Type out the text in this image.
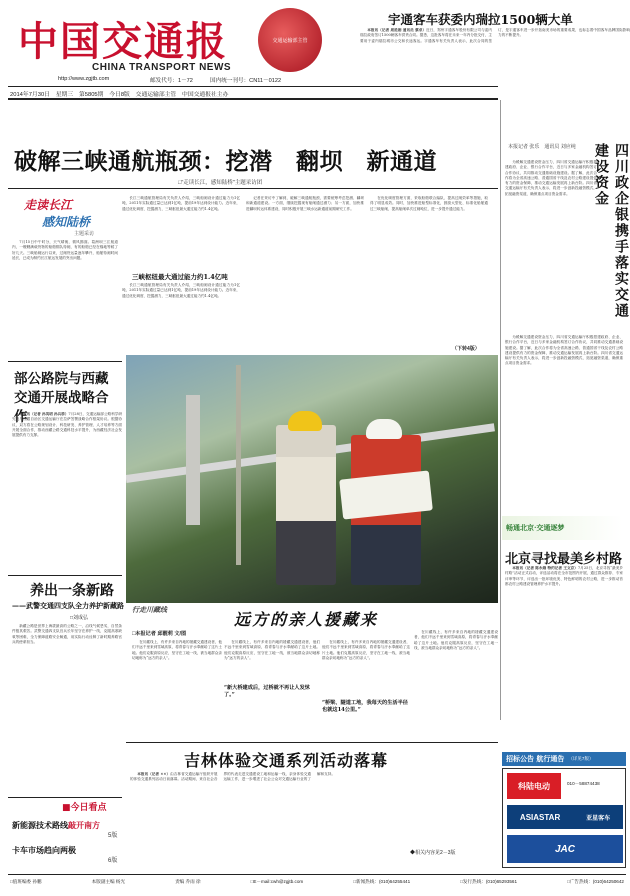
中国交通报
CHINA TRANSPORT NEWS
http://www.zgjtb.com	邮发代号：1－72	国内统一刊号：CN11－0122
交通运输部主管
2014年7月30日　星期三　第5805期　今日8版　交通运输部主管　中国交通报社主办
宇通客车获委内瑞拉1500辆大单

本报讯（记者 周延娟 通讯员 蔡卓）近日，郑州宇通客车股份有限公司与委内瑞拉政府签订1500辆客车供货合同。据悉，这批客车将在未来一年内分批交付，主要用于委内瑞拉城市公交和长途客运。宇通客车有关负责人表示，此次合同的签订，是宇通客车进一步开拓南美市场的重要成果，也标志着中国客车品牌国际影响力的不断提升。

破解三峡通航瓶颈：挖潜　翻坝　新通道
□"走读长江，感知陆桥"主题采访团
走读长江
感知陆桥
主题采访

7月15日中午时分，天气晴朗，微风拂面。葛洲坝三江航道内，一艘艘满载货物的船舶排队待闸，有的船舶已经在锚地等候了好几天。三峡船闸运行以来，过闸货运量逐年攀升，船舶待闸时间延长，已成为制约长江航运发展的突出问题。

长江三峡通航管理局有关负责人介绍，三峡船闸设计通过能力为1亿吨，2011年实际通过量已达到1亿吨，提前19年达到设计能力。近年来，通过优化调度、挖掘潜力，三峡枢纽最大通过能力约1.4亿吨。

三峡枢纽最大通过能力约1.4亿吨

长江三峡通航管理局有关负责人介绍，三峡船闸设计通过能力为1亿吨，2011年实际通过量已达到1亿吨，提前19年达到设计能力。近年来，通过优化调度、挖掘潜力，三峡枢纽最大通过能力约1.4亿吨。

记者在采访中了解到，破解三峡通航瓶颈，需要统筹考虑挖潜、翻坝和新通道建设。一方面，继续挖掘现有船闸通过潜力；另一方面，加快推进翻坝转运体系建设，同时积极开展三峡水运新通道前期研究工作。

在优化调度管理方面，采取船舶联合编队、提高过闸效率等措施，取得了明显成效。同时，加快推进船型标准化，鼓励大型化、标准化船舶通过三峡船闸，提高船闸单次过闸吨位，进一步提升通过能力。

（下转4版）
本报记者 张乐　通讯员 刘应纯	四川政企银携手落实交通建设资金

为缓解交通建设资金压力，四川省交通运输厅积极搭建政府、企业、银行合作平台，近日与多家金融机构签订合作协议，共同推动交通基础设施建设。据了解，此次合作将为全省高速公路、普通国省干线及农村公路建设提供有力的资金保障，推动交通运输发展再上新台阶。四川省交通运输厅有关负责人表示，将进一步创新投融资模式，拓宽融资渠道，确保重点项目资金需求。

为缓解交通建设资金压力，四川省交通运输厅积极搭建政府、企业、银行合作平台，近日与多家金融机构签订合作协议，共同推动交通基础设施建设。据了解，此次合作将为全省高速公路、普通国省干线及农村公路建设提供有力的资金保障，推动交通运输发展再上新台阶。四川省交通运输厅有关负责人表示，将进一步创新投融资模式，拓宽融资渠道，确保重点项目资金需求。

部公路院与西藏交通开展战略合作

本报讯（记者 孙英明 孙兵桥）7月28日，交通运输部公路科学研究院与西藏自治区交通运输厅在拉萨签署战略合作框架协议。根据协议，双方将在公路规划设计、科技研发、养护管理、人才培养等方面开展全面合作，推动西藏公路交通科技水平提升，为西藏经济社会发展提供有力支撑。

养出一条新路
——武警交通四支队全力养护新藏路
□刘成弘

新藏公路是世界上海拔最高的公路之一，沿线气候恶劣，自然条件极其艰苦。武警交通四支队官兵长年坚守在养护一线，克服高寒缺氧等困难，全力保障道路安全畅通，用实际行动诠释了新时期养路官兵的使命担当。

行走川藏线
远方的亲人援藏来
□本报记者 邱靓莉 文/图

在川藏线上，有许多来自内地的援藏交通建设者，他们不远千里来到雪域高原，将青春与汗水奉献给了这片土地。他们克服高原反应，坚守在工地一线，被当地群众亲切地称为“远方的亲人”。

“新大桥建成后，过桥就不再让人发怵了。”

在川藏线上，有许多来自内地的援藏交通建设者，他们不远千里来到雪域高原，将青春与汗水奉献给了这片土地。他们克服高原反应，坚守在工地一线，被当地群众亲切地称为“远方的亲人”。

在川藏线上，有许多来自内地的援藏交通建设者，他们不远千里来到雪域高原，将青春与汗水奉献给了这片土地。他们克服高原反应，坚守在工地一线，被当地群众亲切地称为“远方的亲人”。

“桥梁、隧道工地，我每天的生活半径也就这14公里。”

在川藏线上，有许多来自内地的援藏交通建设者，他们不远千里来到雪域高原，将青春与汗水奉献给了这片土地。他们克服高原反应，坚守在工地一线，被当地群众亲切地称为“远方的亲人”。

吉林体验交通系列活动落幕

本报讯（记者 ××）由吉林省交通运输厅组织开展的体验交通系列活动日前落幕。活动期间，来自社会各界的代表走进交通建设工地和运输一线，亲身体验交通运输工作，进一步增进了社会公众对交通运输行业的了解和支持。

◆相关内容见2－3版
■今日看点
新能源技术路线敲开南方
5版
卡车市场趋向两极
6版
畅通北京·交通逐梦
北京寻找最美乡村路

本报讯（记者 陈永娥 特约记者 王文京）7月25日，北京寻找“最美乡村路”活动正式启动，评选活动将在全市范围内开展，通过群众推荐、专家评审等环节，评选出一批环境优美、特色鲜明的农村公路，进一步推动首都农村公路建设管理养护水平提升。

招标公告 航行通告 （详见7版）
科陆电动	010－58874438
ASIASTAR	亚星客车
JAC
□值班编委 孙鹏	本版副主编 杨光	责编 乔雨 徐	□E－mail:cwh@zgjtb.com	□新闻热线：(010)64255441	□发行热线：(010)65293561	□广告热线：(010)64250642
